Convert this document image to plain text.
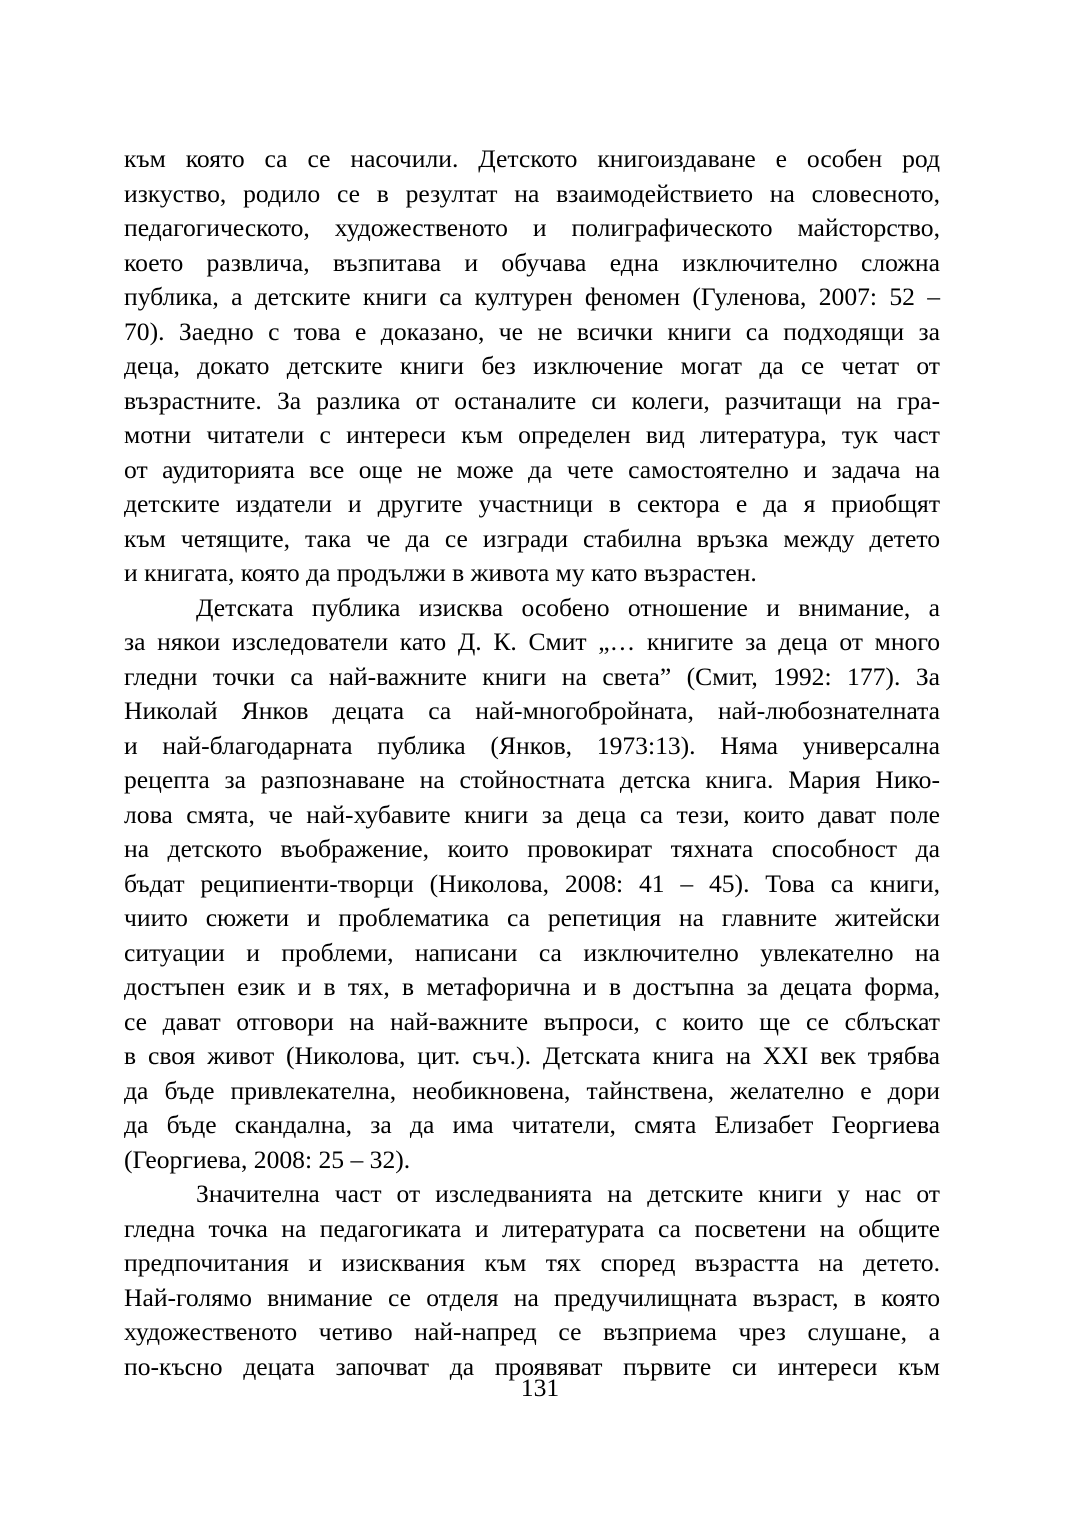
към която са се насочили. Детското книгоиздаване е особен род
изкуство, родило се в резултат на взаимодействието на словесното,
педагогическото, художественото и полиграфическото майсторство,
което развлича, възпитава и обучава една изключително сложна
публика, а детските книги са културен феномен (Гуленова, 2007: 52 –
70). Заедно с това е доказано, че не всички книги са подходящи за
деца, докато детските книги без изключение могат да се четат от
възрастните. За разлика от останалите си колеги, разчитащи на гра-
мотни читатели с интереси към определен вид литература, тук част
от аудиторията все още не може да чете самостоятелно и задача на
детските издатели и другите участници в сектора е да я приобщят
към четящите, така че да се изгради стабилна връзка между детето
и книгата, която да продължи в живота му като възрастен.

Детската публика изисква особено отношение и внимание, а
за някои изследователи като Д. К. Смит „… книгите за деца от много
гледни точки са най-важните книги на света” (Смит, 1992: 177). За
Николай Янков децата са най-многобройната, най-любознателната
и най-благодарната публика (Янков, 1973:13). Няма универсална
рецепта за разпознаване на стойностната детска книга. Мария Нико-
лова смята, че най-хубавите книги за деца са тези, които дават поле
на детското въображение, които провокират тяхната способност да
бъдат реципиенти-творци (Николова, 2008: 41 – 45). Това са книги,
чиито сюжети и проблематика са репетиция на главните житейски
ситуации и проблеми, написани са изключително увлекателно на
достъпен език и в тях, в метафорична и в достъпна за децата форма,
се дават отговори на най-важните въпроси, с които ще се сблъскат
в своя живот (Николова, цит. съч.). Детската книга на XXI век трябва
да бъде привлекателна, необикновена, тайнствена, желателно е дори
да бъде скандална, за да има читатели, смята Елизабет Георгиева
(Георгиева, 2008: 25 – 32).

Значителна част от изследванията на детските книги у нас от
гледна точка на педагогиката и литературата са посветени на общите
предпочитания и изисквания към тях според възрастта на детето.
Най-голямо внимание се отделя на предучилищната възраст, в която
художественото четиво най-напред се възприема чрез слушане, а
по-късно децата започват да проявяват първите си интереси към

131
